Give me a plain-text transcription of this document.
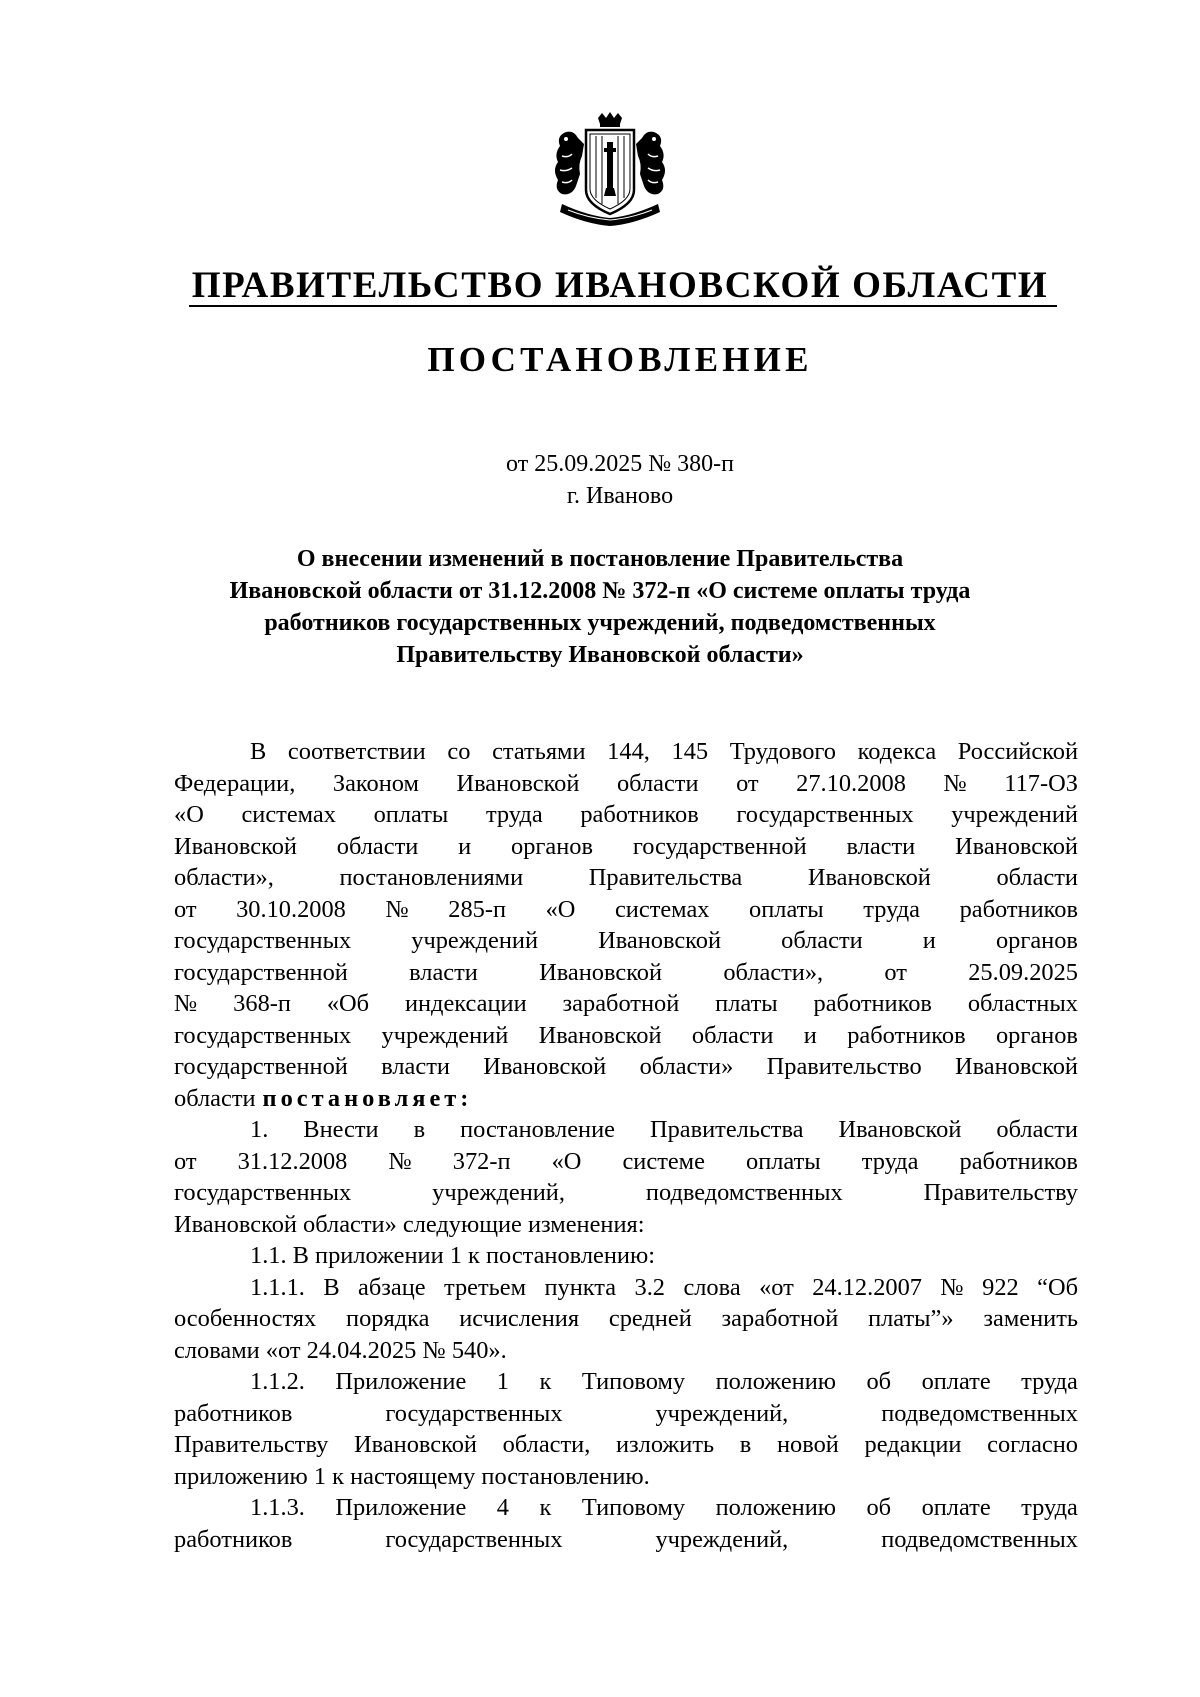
ПРАВИТЕЛЬСТВО ИВАНОВСКОЙ ОБЛАСТИ
ПОСТАНОВЛЕНИЕ
от 25.09.2025 № 380-п
г. Иваново
О внесении изменений в постановление Правительства
Ивановской области от 31.12.2008 № 372-п «О системе оплаты труда
работников государственных учреждений, подведомственных
Правительству Ивановской области»
В соответствии со статьями 144, 145 Трудового кодекса Российской
Федерации, Законом Ивановской области от 27.10.2008 № 117-ОЗ
«О системах оплаты труда работников государственных учреждений
Ивановской области и органов государственной власти Ивановской
области»,	постановлениями	Правительства	Ивановской	области
от 30.10.2008 № 285-п «О системах оплаты труда работников
государственных учреждений Ивановской области и органов
государственной	власти	Ивановской	области»,	от	25.09.2025
№ 368-п «Об индексации заработной платы работников областных
государственных учреждений Ивановской области и работников органов
государственной власти Ивановской области» Правительство Ивановской
области постановляет:
1. Внести в постановление Правительства Ивановской области
от 31.12.2008 № 372-п «О системе оплаты труда работников
государственных	учреждений,	подведомственных	Правительству
Ивановской области» следующие изменения:
1.1. В приложении 1 к постановлению:
1.1.1. В абзаце третьем пункта 3.2 слова «от 24.12.2007 № 922 “Об
особенностях порядка исчисления средней заработной платы”» заменить
словами «от 24.04.2025 № 540».
1.1.2. Приложение 1 к Типовому положению об оплате труда
работников	государственных	учреждений,	подведомственных
Правительству Ивановской области, изложить в новой редакции согласно
приложению 1 к настоящему постановлению.
1.1.3. Приложение 4 к Типовому положению об оплате труда
работников	государственных	учреждений,	подведомственных
